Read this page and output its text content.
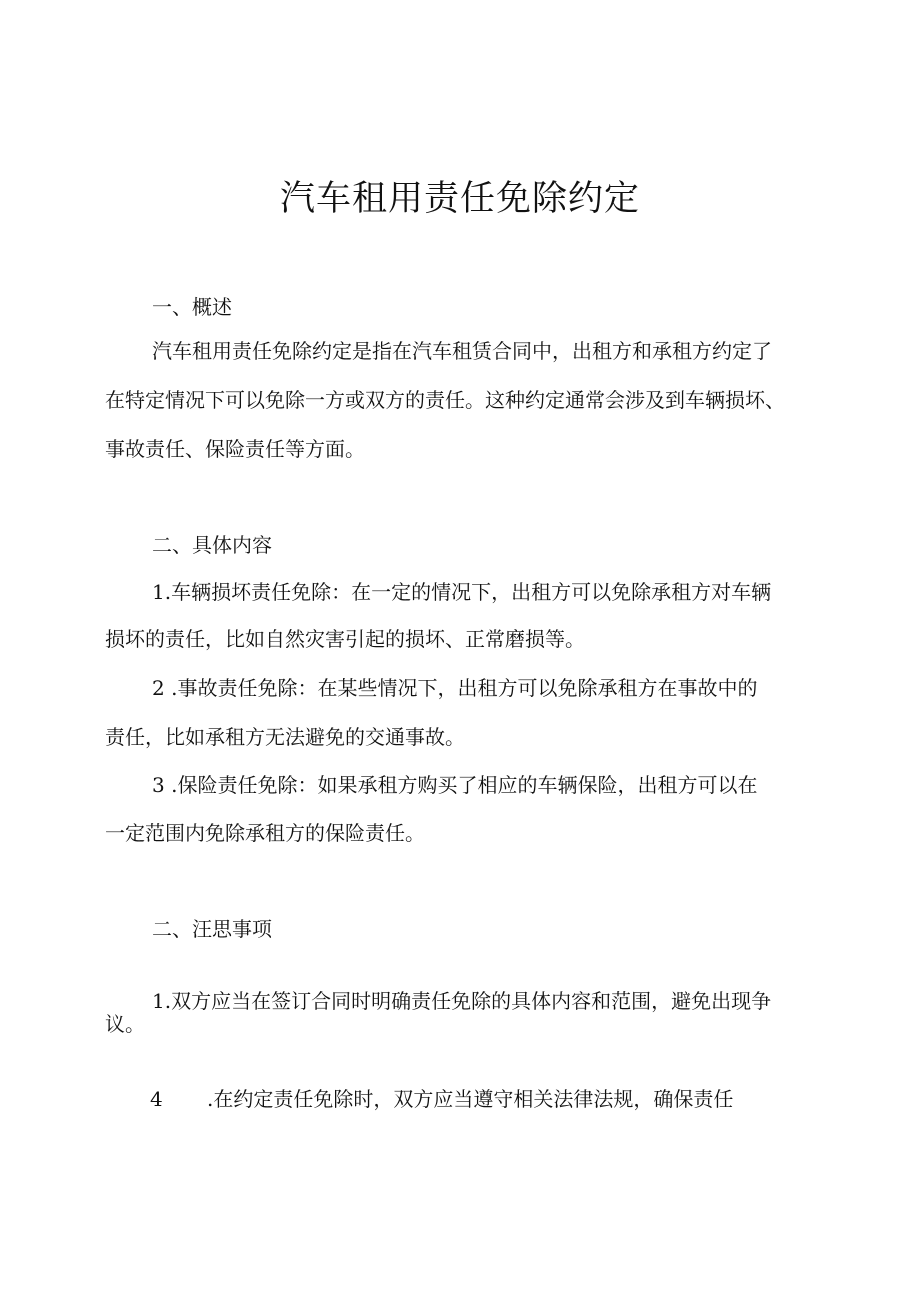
汽车租用责任免除约定

一、概述

汽车租用责任免除约定是指在汽车租赁合同中，出租方和承租方约定了

在特定情况下可以免除一方或双方的责任。这种约定通常会涉及到车辆损坏、

事故责任、保险责任等方面。

二、具体内容

1.车辆损坏责任免除：在一定的情况下，出租方可以免除承租方对车辆

损坏的责任，比如自然灾害引起的损坏、正常磨损等。

2 .事故责任免除：在某些情况下，出租方可以免除承租方在事故中的

责任，比如承租方无法避免的交通事故。

3 .保险责任免除：如果承租方购买了相应的车辆保险，出租方可以在

一定范围内免除承租方的保险责任。

二、汪思事项

1.双方应当在签订合同时明确责任免除的具体内容和范围，避免出现争

议。

4 .在约定责任免除时，双方应当遵守相关法律法规，确保责任
